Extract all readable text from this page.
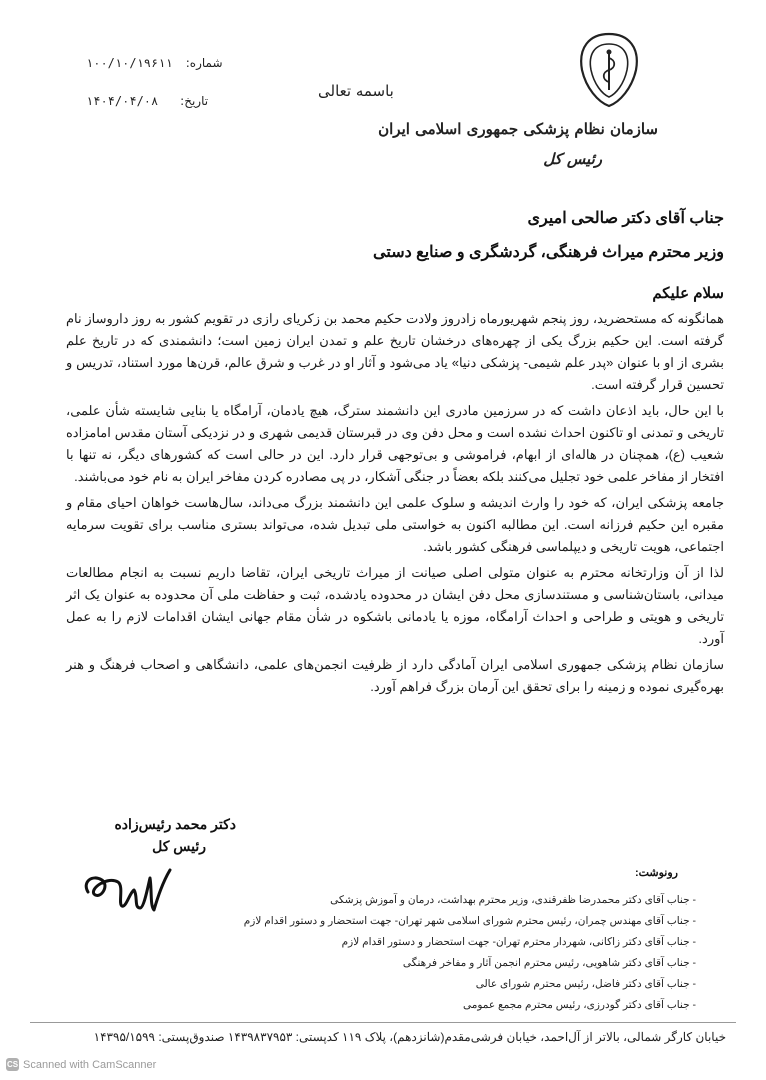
سازمان نظام پزشکی جمهوری اسلامی ایران
رئیس کل
باسمه تعالی
شماره: ۱۰۰/۱۰/۱۹۶۱۱
تاریخ: ۱۴۰۴/۰۴/۰۸
جناب آقای دکتر صالحی امیری
وزیر محترم میراث فرهنگی، گردشگری و صنایع دستی
سلام علیکم

همانگونه که مستحضرید، روز پنجم شهریورماه زادروز ولادت حکیم محمد بن زکریای رازی در تقویم کشور به روز داروساز نام گرفته است. این حکیم بزرگ یکی از چهره‌های درخشان تاریخ علم و تمدن ایران زمین است؛ دانشمندی که در تاریخ علم بشری از او با عنوان «پدر علم شیمی- پزشکی دنیا» یاد می‌شود و آثار او در غرب و شرق عالم، قرن‌ها مورد استناد، تدریس و تحسین قرار گرفته است.

با این حال، باید اذعان داشت که در سرزمین مادری این دانشمند سترگ، هیچ یادمان، آرامگاه یا بنایی شایسته شأن علمی، تاریخی و تمدنی او تاکنون احداث نشده است و محل دفن وی در قبرستان قدیمی شهری و در نزدیکی آستان مقدس امامزاده شعیب (ع)، همچنان در هاله‌ای از ابهام، فراموشی و بی‌توجهی قرار دارد. این در حالی است که کشورهای دیگر، نه تنها با افتخار از مفاخر علمی خود تجلیل می‌کنند بلکه بعضاً در جنگی آشکار، در پی مصادره کردن مفاخر ایران به نام خود می‌باشند.

جامعه پزشکی ایران، که خود را وارث اندیشه و سلوک علمی این دانشمند بزرگ می‌داند، سال‌هاست خواهان احیای مقام و مقبره این حکیم فرزانه است. این مطالبه اکنون به خواستی ملی تبدیل شده، می‌تواند بستری مناسب برای تقویت سرمایه اجتماعی، هویت تاریخی و دیپلماسی فرهنگی کشور باشد.

لذا از آن وزارتخانه محترم به عنوان متولی اصلی صیانت از میراث تاریخی ایران، تقاضا داریم نسبت به انجام مطالعات میدانی، باستان‌شناسی و مستندسازی محل دفن ایشان در محدوده یادشده، ثبت و حفاظت ملی آن محدوده به عنوان یک اثر تاریخی و هویتی و طراحی و احداث آرامگاه، موزه یا یادمانی باشکوه در شأن مقام جهانی ایشان اقدامات لازم را به عمل آورد.

سازمان نظام پزشکی جمهوری اسلامی ایران آمادگی دارد از ظرفیت انجمن‌های علمی، دانشگاهی و اصحاب فرهنگ و هنر بهره‌گیری نموده و زمینه را برای تحقق این آرمان بزرگ فراهم آورد.

دکتر محمد رئیس‌زاده
رئیس کل
رونوشت:
- جناب آقای دکتر محمدرضا ظفرقندی، وزیر محترم بهداشت، درمان و آموزش پزشکی
- جناب آقای مهندس چمران، رئیس محترم شورای اسلامی شهر تهران- جهت استحضار و دستور اقدام لازم
- جناب آقای دکتر زاکانی، شهردار محترم تهران- جهت استحضار و دستور اقدام لازم
- جناب آقای دکتر شاهویی، رئیس محترم انجمن آثار و مفاخر فرهنگی
- جناب آقای دکتر فاضل، رئیس محترم شورای عالی
- جناب آقای دکتر گودرزی، رئیس محترم مجمع عمومی
خیابان کارگر شمالی، بالاتر از آل‌احمد، خیابان فرشی‌مقدم(شانزدهم)، پلاک ۱۱۹ کدپستی: ۱۴۳۹۸۳۷۹۵۳ صندوق‌پستی: ۱۴۳۹۵/۱۵۹۹
CS Scanned with CamScanner
